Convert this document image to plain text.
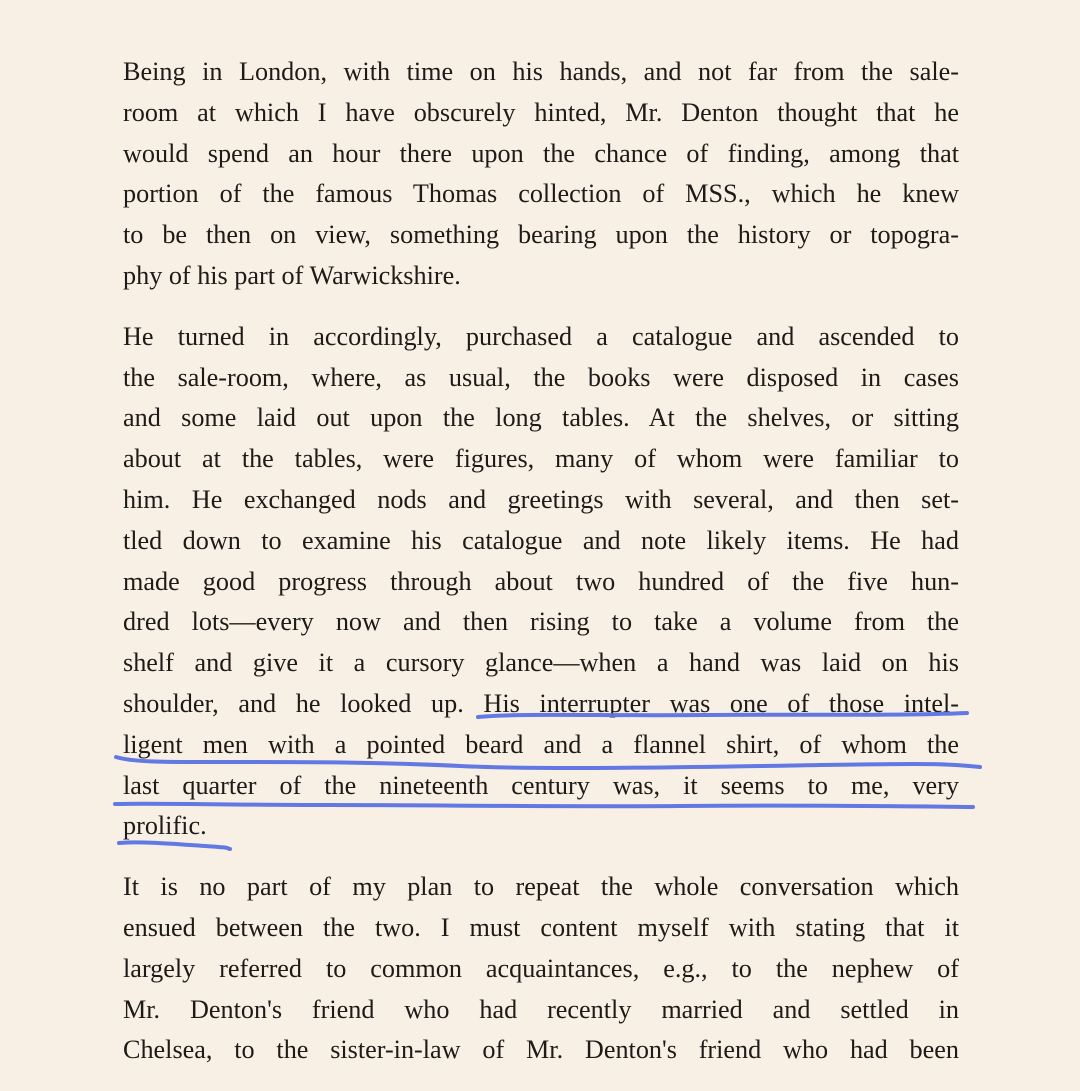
Being in London, with time on his hands, and not far from the sale-
room at which I have obscurely hinted, Mr. Denton thought that he
would spend an hour there upon the chance of finding, among that
portion of the famous Thomas collection of MSS., which he knew
to be then on view, something bearing upon the history or topogra-
phy of his part of Warwickshire.

He turned in accordingly, purchased a catalogue and ascended to
the sale-room, where, as usual, the books were disposed in cases
and some laid out upon the long tables. At the shelves, or sitting
about at the tables, were figures, many of whom were familiar to
him. He exchanged nods and greetings with several, and then set-
tled down to examine his catalogue and note likely items. He had
made good progress through about two hundred of the five hun-
dred lots—every now and then rising to take a volume from the
shelf and give it a cursory glance—when a hand was laid on his
shoulder, and he looked up. His interrupter was one of those intel-
ligent men with a pointed beard and a flannel shirt, of whom the
last quarter of the nineteenth century was, it seems to me, very
prolific.

It is no part of my plan to repeat the whole conversation which
ensued between the two. I must content myself with stating that it
largely referred to common acquaintances, e.g., to the nephew of
Mr. Denton's friend who had recently married and settled in
Chelsea, to the sister-in-law of Mr. Denton's friend who had been
